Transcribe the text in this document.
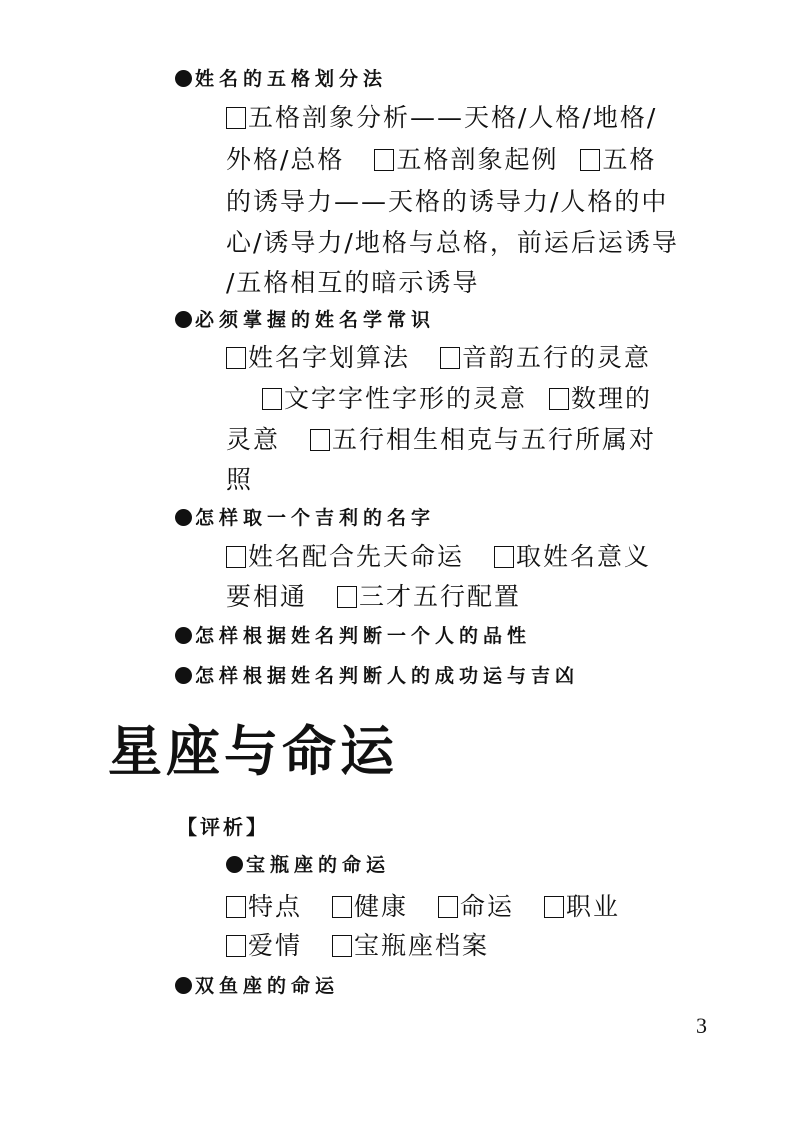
姓名的五格划分法
五格剖象分析——天格/人格/地格/
外格/总格 五格剖象起例 五格
的诱导力——天格的诱导力/人格的中
心/诱导力/地格与总格，前运后运诱导
/五格相互的暗示诱导
必须掌握的姓名学常识
姓名字划算法 音韵五行的灵意
文字字性字形的灵意 数理的
灵意 五行相生相克与五行所属对
照
怎样取一个吉利的名字
姓名配合先天命运 取姓名意义
要相通 三才五行配置
怎样根据姓名判断一个人的品性
怎样根据姓名判断人的成功运与吉凶
星座与命运
【评析】
宝瓶座的命运
特点 健康 命运 职业
爱情 宝瓶座档案
双鱼座的命运
3
